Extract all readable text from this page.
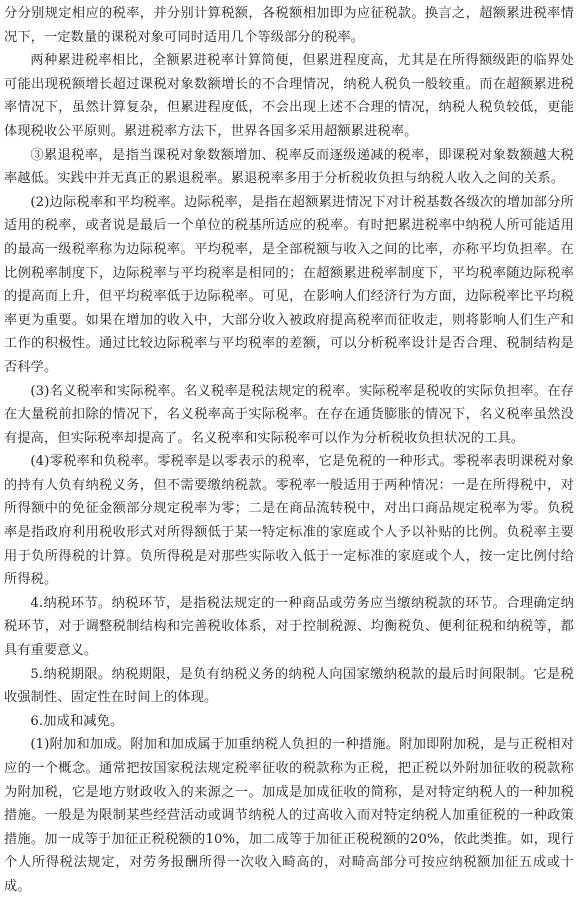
分分别规定相应的税率，并分别计算税额，各税额相加即为应征税款。换言之，超额累进税率情况下，一定数量的课税对象可同时适用几个等级部分的税率。

两种累进税率相比，全额累进税率计算简便，但累进程度高，尤其是在所得额级距的临界处可能出现税额增长超过课税对象数额增长的不合理情况，纳税人税负一般较重。而在超额累进税率情况下，虽然计算复杂，但累进程度低，不会出现上述不合理的情况，纳税人税负较低，更能体现税收公平原则。累进税率方法下，世界各国多采用超额累进税率。

③累退税率，是指当课税对象数额增加、税率反而逐级递减的税率，即课税对象数额越大税率越低。实践中并无真正的累退税率。累退税率多用于分析税收负担与纳税人收入之间的关系。

(2)边际税率和平均税率。边际税率，是指在超额累进情况下对计税基数各级次的增加部分所适用的税率，或者说是最后一个单位的税基所适应的税率。有时把累进税率中纳税人所可能适用的最高一级税率称为边际税率。平均税率，是全部税额与收入之间的比率，亦称平均负担率。在比例税率制度下，边际税率与平均税率是相同的；在超额累进税率制度下，平均税率随边际税率的提高而上升，但平均税率低于边际税率。可见，在影响人们经济行为方面，边际税率比平均税率更为重要。如果在增加的收入中，大部分收入被政府提高税率而征收走，则将影响人们生产和工作的积极性。通过比较边际税率与平均税率的差额，可以分析税率设计是否合理、税制结构是否科学。

(3)名义税率和实际税率。名义税率是税法规定的税率。实际税率是税收的实际负担率。在存在大量税前扣除的情况下，名义税率高于实际税率。在存在通货膨胀的情况下，名义税率虽然没有提高，但实际税率却提高了。名义税率和实际税率可以作为分析税收负担状况的工具。

(4)零税率和负税率。零税率是以零表示的税率，它是免税的一种形式。零税率表明课税对象的持有人负有纳税义务，但不需要缴纳税款。零税率一般适用于两种情况：一是在所得税中，对所得额中的免征金额部分规定税率为零；二是在商品流转税中，对出口商品规定税率为零。负税率是指政府利用税收形式对所得额低于某一特定标准的家庭或个人予以补贴的比例。负税率主要用于负所得税的计算。负所得税是对那些实际收入低于一定标准的家庭或个人，按一定比例付给所得税。

4.纳税环节。纳税环节，是指税法规定的一种商品或劳务应当缴纳税款的环节。合理确定纳税环节，对于调整税制结构和完善税收体系，对于控制税源、均衡税负、便利征税和纳税等，都具有重要意义。

5.纳税期限。纳税期限，是负有纳税义务的纳税人向国家缴纳税款的最后时间限制。它是税收强制性、固定性在时间上的体现。

6.加成和减免。

(1)附加和加成。附加和加成属于加重纳税人负担的一种措施。附加即附加税，是与正税相对应的一个概念。通常把按国家税法规定税率征收的税款称为正税，把正税以外附加征收的税款称为附加税，它是地方财政收入的来源之一。加成是加成征收的简称，是对特定纳税人的一种加税措施。一般是为限制某些经营活动或调节纳税人的过高收入而对特定纳税人加重征税的一种政策措施。加一成等于加征正税税额的10%，加二成等于加征正税税额的20%，依此类推。如，现行个人所得税法规定，对劳务报酬所得一次收入畸高的，对畸高部分可按应纳税额加征五成或十成。
